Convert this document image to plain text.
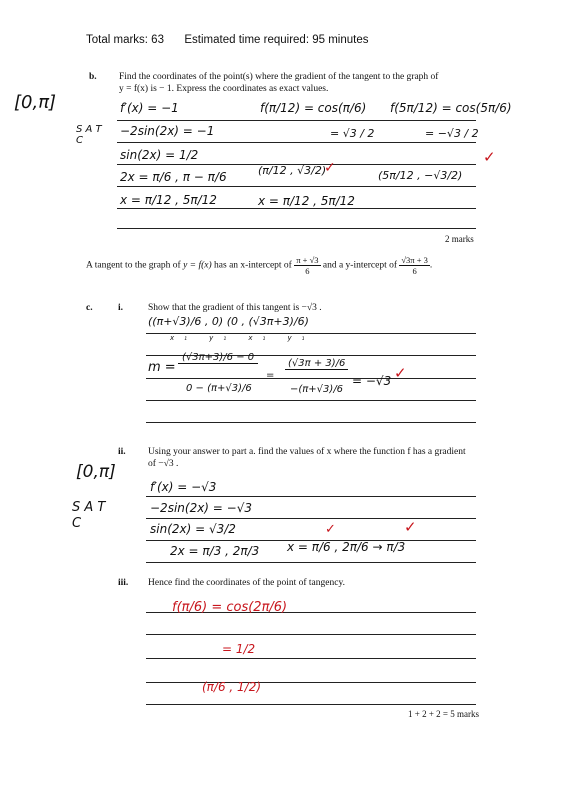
Total marks: 63 Estimated time required: 95 minutes
b. Find the coordinates of the point(s) where the gradient of the tangent to the graph of
y = f(x) is − 1. Express the coordinates as exact values.
[0,π]
S A T C
f′(x) = −1
−2sin(2x) = −1
sin(2x) = 1/2
2x = π/6 , π − π/6
x = π/12 , 5π/12
f(π/12) = cos(π/6)
= √3 / 2
(π/12 , √3/2)
✓
f(5π/12) = cos(5π/6)
= −√3 / 2
(5π/12 , −√3/2)
✓
x = π/12 , 5π/12
2 marks
A tangent to the graph of y = f(x) has an x-intercept of $\frac{\pi + √3}{6}$ and a y-intercept of $\frac{√3\pi + 3}{6}$ .
c.	i.	Show that the gradient of this tangent is −√3 .
((π+√3)/6 , 0) (0 , (√3π+3)/6)
x₁ y₁ x₁ y₁
m =
(√3π+3)/6 − 0
0 − (π+√3)/6
=
(√3π + 3)/6
−(π+√3)/6
= −√3 ✓
ii. Using your answer to part a. find the values of x where the function f has a gradient
of −√3 .
[0,π]
S A T C
f′(x) = −√3
−2sin(2x) = −√3
sin(2x) = √3/2
2x = π/3 , 2π/3 x = π/6 , 2π/6 → π/3
✓	✓
iii. Hence find the coordinates of the point of tangency.
f(π/6) = cos(2π/6)
= 1/2
(π/6 , 1/2)
1 + 2 + 2 = 5 marks
